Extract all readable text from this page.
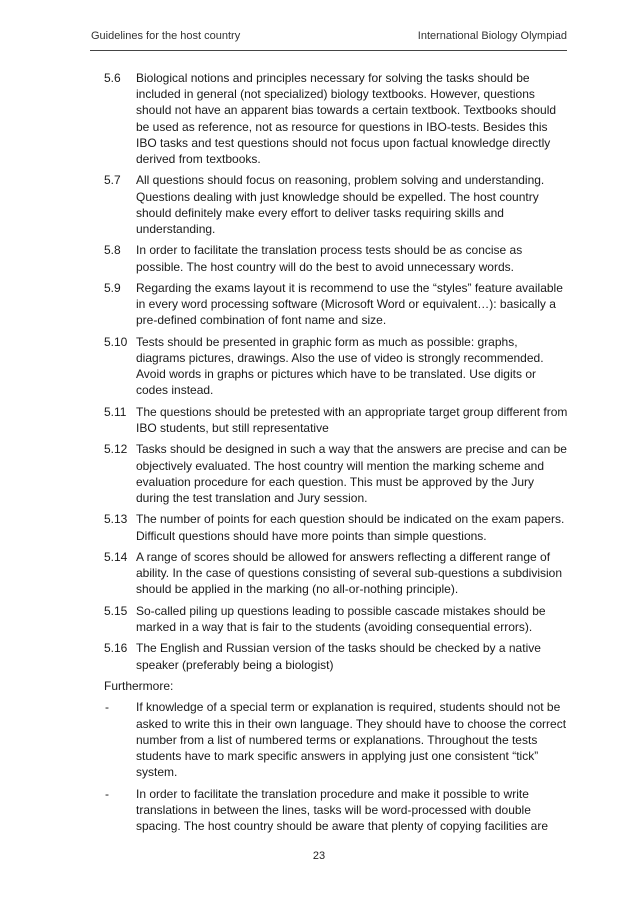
Guidelines for the host country	International Biology Olympiad
5.6 Biological notions and principles necessary for solving the tasks should be included in general (not specialized) biology textbooks. However, questions should not have an apparent bias towards a certain textbook. Textbooks should be used as reference, not as resource for questions in IBO-tests. Besides this IBO tasks and test questions should not focus upon factual knowledge directly derived from textbooks.
5.7 All questions should focus on reasoning, problem solving and understanding. Questions dealing with just knowledge should be expelled. The host country should definitely make every effort to deliver tasks requiring skills and understanding.
5.8 In order to facilitate the translation process tests should be as concise as possible. The host country will do the best to avoid unnecessary words.
5.9 Regarding the exams layout it is recommend to use the “styles” feature available in every word processing software (Microsoft Word or equivalent…): basically a pre-defined combination of font name and size.
5.10 Tests should be presented in graphic form as much as possible: graphs, diagrams pictures, drawings. Also the use of video is strongly recommended. Avoid words in graphs or pictures which have to be translated. Use digits or codes instead.
5.11 The questions should be pretested with an appropriate target group different from IBO students, but still representative
5.12 Tasks should be designed in such a way that the answers are precise and can be objectively evaluated. The host country will mention the marking scheme and evaluation procedure for each question. This must be approved by the Jury during the test translation and Jury session.
5.13 The number of points for each question should be indicated on the exam papers. Difficult questions should have more points than simple questions.
5.14 A range of scores should be allowed for answers reflecting a different range of ability. In the case of questions consisting of several sub-questions a subdivision should be applied in the marking (no all-or-nothing principle).
5.15 So-called piling up questions leading to possible cascade mistakes should be marked in a way that is fair to the students (avoiding consequential errors).
5.16 The English and Russian version of the tasks should be checked by a native speaker (preferably being a biologist)
Furthermore:
- If knowledge of a special term or explanation is required, students should not be asked to write this in their own language. They should have to choose the correct number from a list of numbered terms or explanations. Throughout the tests students have to mark specific answers in applying just one consistent “tick” system.
- In order to facilitate the translation procedure and make it possible to write translations in between the lines, tasks will be word-processed with double spacing. The host country should be aware that plenty of copying facilities are
23
